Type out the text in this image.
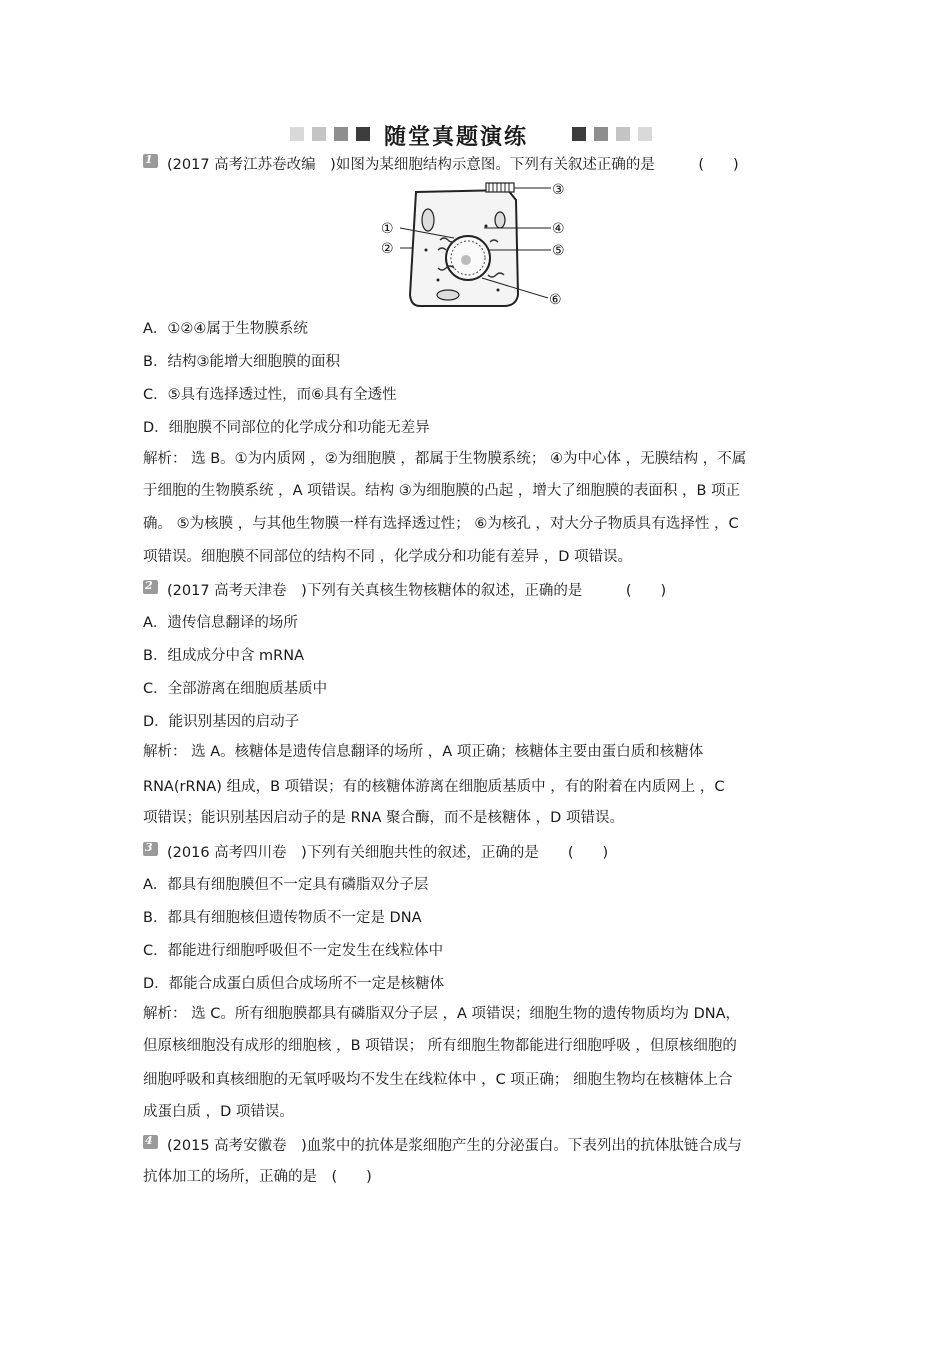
随堂真题演练
1 (2017 高考江苏卷改编　)如图为某细胞结构示意图。下列有关叙述正确的是　　　(　　)
①
②
③
④
⑤
⑥
A．①②④属于生物膜系统
B．结构③能增大细胞膜的面积
C．⑤具有选择透过性，而⑥具有全透性
D．细胞膜不同部位的化学成分和功能无差异
解析： 选 B。①为内质网 ，②为细胞膜 ，都属于生物膜系统； ④为中心体 ，无膜结构 ，不属
于细胞的生物膜系统 ，A 项错误。结构 ③为细胞膜的凸起 ，增大了细胞膜的表面积 ，B 项正
确。 ⑤为核膜 ，与其他生物膜一样有选择透过性； ⑥为核孔 ，对大分子物质具有选择性 ，C
项错误。细胞膜不同部位的结构不同 ，化学成分和功能有差异 ，D 项错误。
2 (2017 高考天津卷　)下列有关真核生物核糖体的叙述，正确的是　　　(　　)
A．遗传信息翻译的场所
B．组成成分中含 mRNA
C．全部游离在细胞质基质中
D．能识别基因的启动子
解析： 选 A。核糖体是遗传信息翻译的场所 ，A 项正确；核糖体主要由蛋白质和核糖体
RNA(rRNA) 组成，B 项错误；有的核糖体游离在细胞质基质中 ，有的附着在内质网上 ，C
项错误；能识别基因启动子的是 RNA 聚合酶，而不是核糖体 ，D 项错误。
3 (2016 高考四川卷　)下列有关细胞共性的叙述，正确的是　　(　　)
A．都具有细胞膜但不一定具有磷脂双分子层
B．都具有细胞核但遗传物质不一定是 DNA
C．都能进行细胞呼吸但不一定发生在线粒体中
D．都能合成蛋白质但合成场所不一定是核糖体
解析： 选 C。所有细胞膜都具有磷脂双分子层 ，A 项错误；细胞生物的遗传物质均为 DNA，
但原核细胞没有成形的细胞核 ，B 项错误； 所有细胞生物都能进行细胞呼吸 ，但原核细胞的
细胞呼吸和真核细胞的无氧呼吸均不发生在线粒体中 ，C 项正确； 细胞生物均在核糖体上合
成蛋白质 ，D 项错误。
4 (2015 高考安徽卷　)血浆中的抗体是浆细胞产生的分泌蛋白。下表列出的抗体肽链合成与
抗体加工的场所，正确的是　(　　)
